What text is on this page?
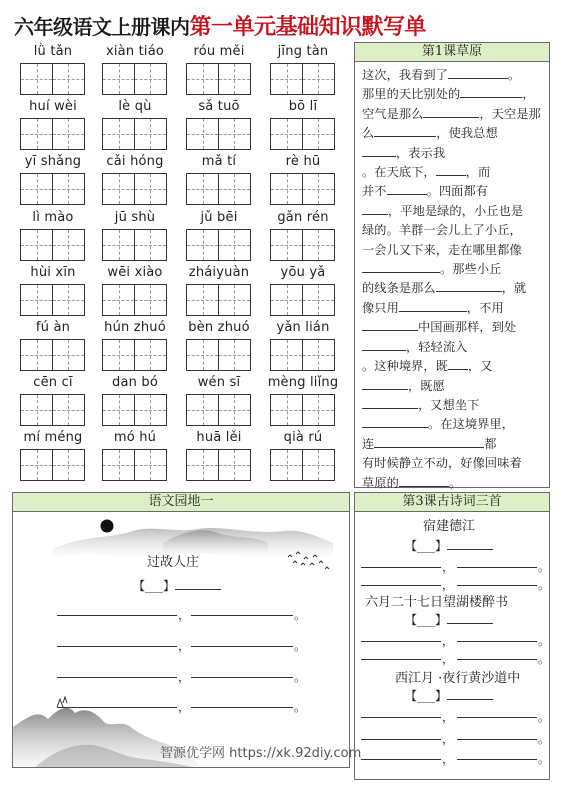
六年级语文上册课内第一单元基础知识默写单
lǜ tǎn	xiàn tiáo	róu měi	jīng tàn
huí wèi	lè qù	sǎ tuō	bō lī
yī shǎng	cǎi hóng	mǎ tí	rè hū
lì mào	jū shù	jǔ bēi	gǎn rén
hùi xīn	wēi xiào	zháiyuàn	yōu yǎ
fú àn	hún zhuó	bèn zhuó	yǎn lián
cēn cī	dan bó	wén sī	mèng liǐng
mí méng	mó hú	huā lěi	qià rú
第1课草原
这次，我看到了	。
那里的天比别处的	，
空气是那么	，天空是那
么	，使我总想
，表示我
。在天底下， ，而
并不	。四面都有
，平地是绿的，小丘也是
绿的。羊群一会儿上了小丘，
一会儿又下来，走在哪里都像
。那些小丘
的线条是那么	，就
像只用	，不用
中国画那样，到处
，轻轻流入
。这种境界，既 ，又
，既愿
，又想坐下
。在这境界里，
连	都
有时候静立不动，好像回味着
草原的	。
语文园地一
过故人庄
【___】
，	。
，	。
，	。
，	。
第3课古诗词三首
宿建德江
【___】
六月二十七日望湖楼醉书
【___】
西江月 ·夜行黄沙道中
【___】
，	。
，	。
，	。
，	。
，	。
，	。
，	。
智源优学网 https://xk.92diy.com
